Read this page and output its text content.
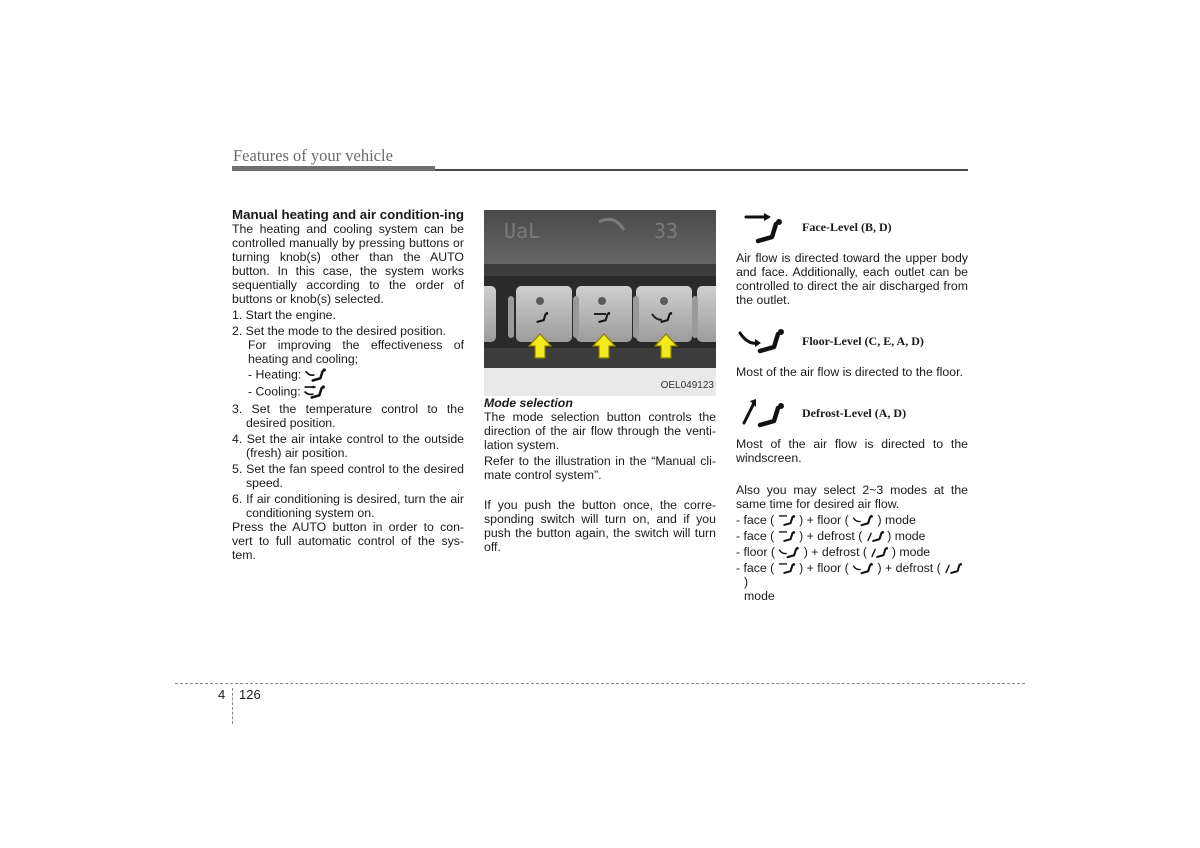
Features of your vehicle

Manual heating and air condition-ing

The heating and cooling system can be controlled manually by pressing buttons or turning knob(s) other than the AUTO button. In this case, the system works sequentially according to the order of buttons or knob(s) selected.

1. Start the engine.
2. Set the mode to the desired position.

For improving the effectiveness of heating and cooling;

- Heating:
- Cooling:
3. Set the temperature control to the desired position.
4. Set the air intake control to the outside (fresh) air position.
5. Set the fan speed control to the desired speed.
6. If air conditioning is desired, turn the air conditioning system on.

Press the AUTO button in order to con-vert to full automatic control of the sys-tem.

UaL	33
OEL049123

Mode selection

The mode selection button controls the direction of the air flow through the venti-lation system.

Refer to the illustration in the “Manual cli-mate control system”.

If you push the button once, the corre-sponding switch will turn on, and if you push the button again, the switch will turn off.

Face-Level (B, D)

Air flow is directed toward the upper body and face. Additionally, each outlet can be controlled to direct the air discharged from the outlet.

Floor-Level (C, E, A, D)

Most of the air flow is directed to the floor.

Defrost-Level (A, D)

Most of the air flow is directed to the windscreen.

Also you may select 2~3 modes at the same time for desired air flow.

- face ( ) + floor ( ) mode

- face ( ) + defrost ( ) mode

- floor ( ) + defrost ( ) mode

- face ( ) + floor ( ) + defrost (  )

mode

4 126
